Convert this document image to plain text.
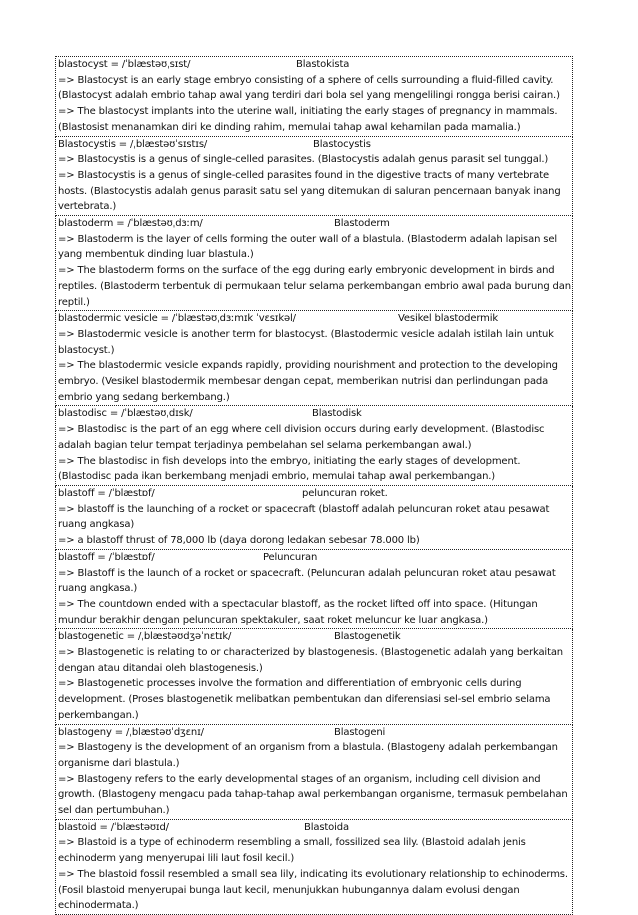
blastocyst = /ˈblæstəʊˌsɪst/	Blastokista
=> Blastocyst is an early stage embryo consisting of a sphere of cells surrounding a fluid-filled cavity. (Blastocyst adalah embrio tahap awal yang terdiri dari bola sel yang mengelilingi rongga berisi cairan.)
=> The blastocyst implants into the uterine wall, initiating the early stages of pregnancy in mammals. (Blastosist menanamkan diri ke dinding rahim, memulai tahap awal kehamilan pada mamalia.)
Blastocystis = /ˌblæstəʊˈsɪstɪs/	Blastocystis
=> Blastocystis is a genus of single-celled parasites. (Blastocystis adalah genus parasit sel tunggal.)
=> Blastocystis is a genus of single-celled parasites found in the digestive tracts of many vertebrate hosts. (Blastocystis adalah genus parasit satu sel yang ditemukan di saluran pencernaan banyak inang vertebrata.)
blastoderm = /ˈblæstəʊˌdɜːm/	Blastoderm
=> Blastoderm is the layer of cells forming the outer wall of a blastula. (Blastoderm adalah lapisan sel yang membentuk dinding luar blastula.)
=> The blastoderm forms on the surface of the egg during early embryonic development in birds and reptiles. (Blastoderm terbentuk di permukaan telur selama perkembangan embrio awal pada burung dan reptil.)
blastodermic vesicle = /ˈblæstəʊˌdɜːmɪk ˈvɛsɪkəl/	Vesikel blastodermik
=> Blastodermic vesicle is another term for blastocyst. (Blastodermic vesicle adalah istilah lain untuk blastocyst.)
=> The blastodermic vesicle expands rapidly, providing nourishment and protection to the developing embryo. (Vesikel blastodermik membesar dengan cepat, memberikan nutrisi dan perlindungan pada embrio yang sedang berkembang.)
blastodisc = /ˈblæstəʊˌdɪsk/	Blastodisk
=> Blastodisc is the part of an egg where cell division occurs during early development. (Blastodisc adalah bagian telur tempat terjadinya pembelahan sel selama perkembangan awal.)
=> The blastodisc in fish develops into the embryo, initiating the early stages of development. (Blastodisc pada ikan berkembang menjadi embrio, memulai tahap awal perkembangan.)
blastoff = /ˈblæstɒf/	peluncuran roket.
=> blastoff is the launching of a rocket or spacecraft (blastoff adalah peluncuran roket atau pesawat ruang angkasa)
=> a blastoff thrust of 78,000 lb (daya dorong ledakan sebesar 78.000 lb)
blastoff = /ˈblæstɒf/	Peluncuran
=> Blastoff is the launch of a rocket or spacecraft. (Peluncuran adalah peluncuran roket atau pesawat ruang angkasa.)
=> The countdown ended with a spectacular blastoff, as the rocket lifted off into space. (Hitungan mundur berakhir dengan peluncuran spektakuler, saat roket meluncur ke luar angkasa.)
blastogenetic = /ˌblæstəʊdʒəˈnɛtɪk/	Blastogenetik
=> Blastogenetic is relating to or characterized by blastogenesis. (Blastogenetic adalah yang berkaitan dengan atau ditandai oleh blastogenesis.)
=> Blastogenetic processes involve the formation and differentiation of embryonic cells during development. (Proses blastogenetik melibatkan pembentukan dan diferensiasi sel-sel embrio selama perkembangan.)
blastogeny = /ˌblæstəʊˈdʒɛnɪ/	Blastogeni
=> Blastogeny is the development of an organism from a blastula. (Blastogeny adalah perkembangan organisme dari blastula.)
=> Blastogeny refers to the early developmental stages of an organism, including cell division and growth. (Blastogeny mengacu pada tahap-tahap awal perkembangan organisme, termasuk pembelahan sel dan pertumbuhan.)
blastoid = /ˈblæstəʊɪd/	Blastoida
=> Blastoid is a type of echinoderm resembling a small, fossilized sea lily. (Blastoid adalah jenis echinoderm yang menyerupai lili laut fosil kecil.)
=> The blastoid fossil resembled a small sea lily, indicating its evolutionary relationship to echinoderms. (Fosil blastoid menyerupai bunga laut kecil, menunjukkan hubungannya dalam evolusi dengan echinodermata.)
